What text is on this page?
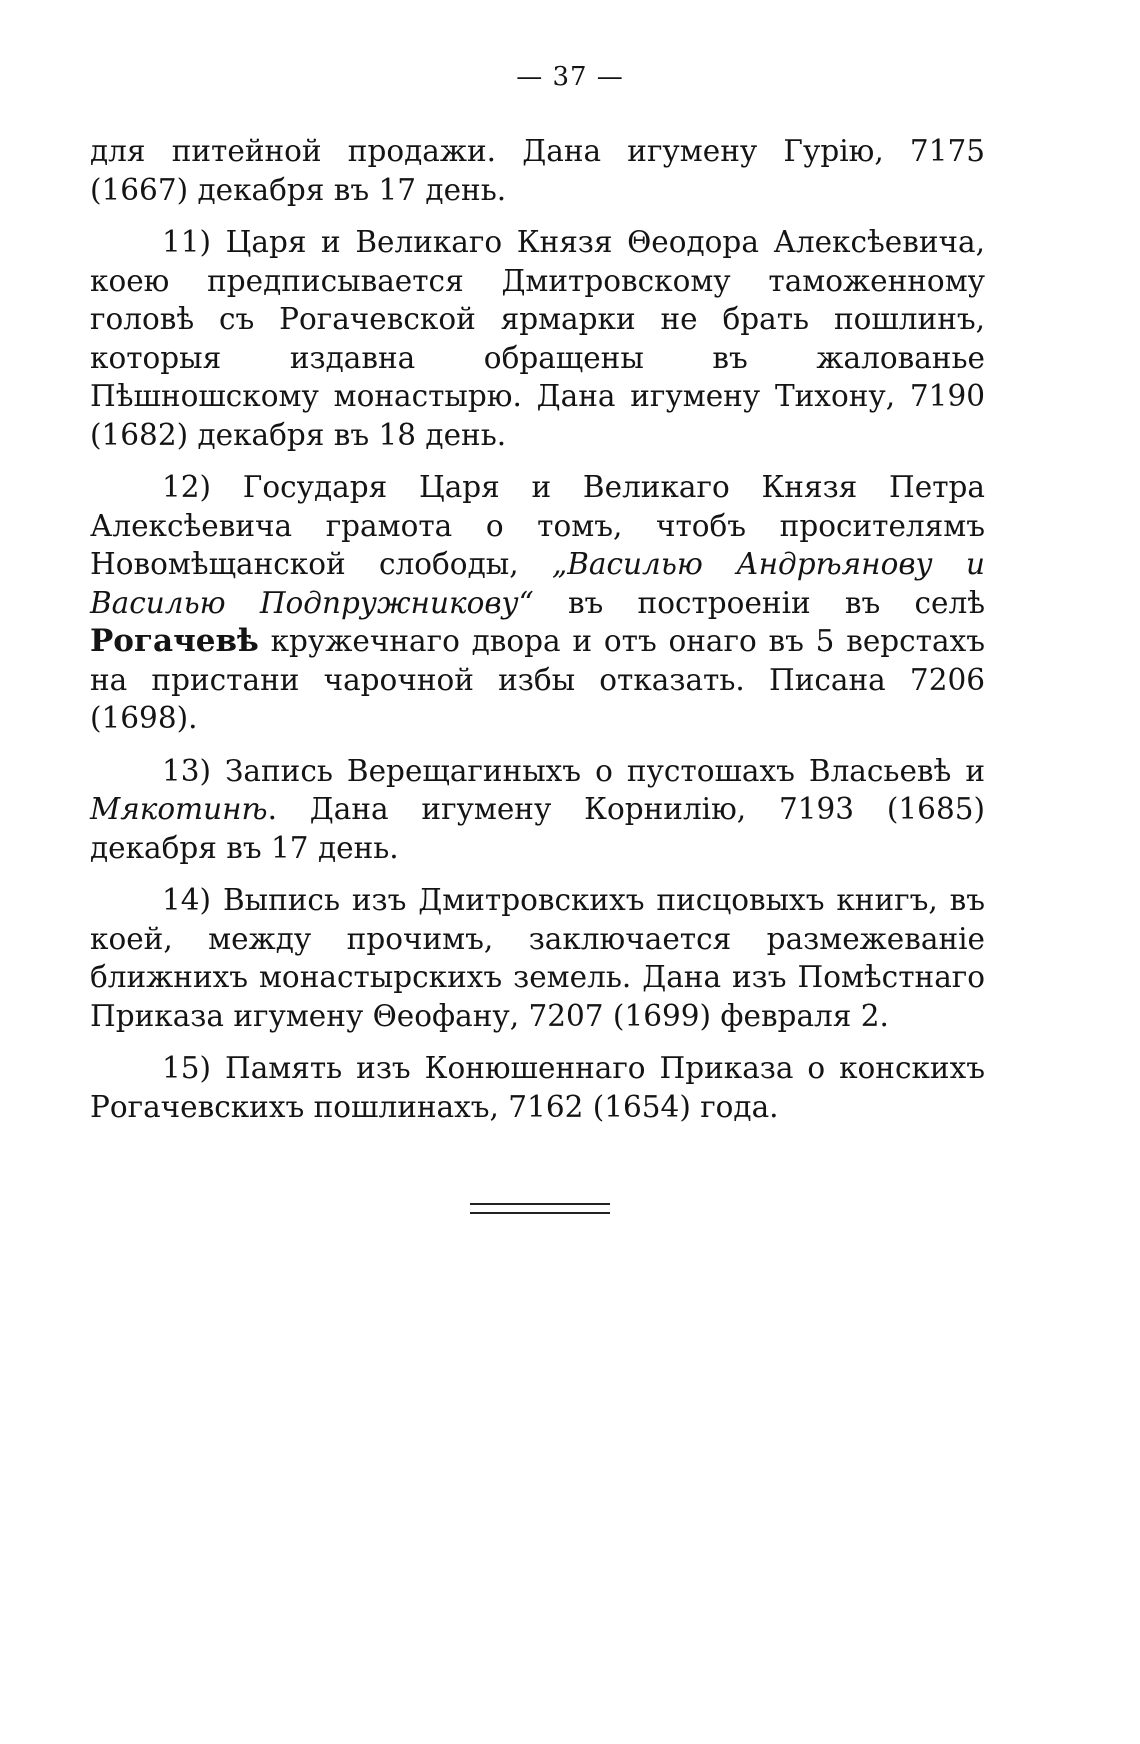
— 37 —

для питейной продажи. Дана игумену Гурію, 7175 (1667) декабря въ 17 день.

11) Царя и Великаго Князя Θеодора Алексѣевича, коею предписывается Дмитровскому таможенному головѣ съ Рогачевской ярмарки не брать пошлинъ, которыя издавна обращены въ жалованье Пѣшношскому монастырю. Дана игумену Тихону, 7190 (1682) декабря въ 18 день.

12) Государя Царя и Великаго Князя Петра Алексѣевича грамота о томъ, чтобъ просителямъ Новомѣщанской слободы, „Василью Андрѣянову и Василью Подпружникову“ въ построеніи въ селѣ Рогачевѣ кружечнаго двора и отъ онаго въ 5 верстахъ на пристани чарочной избы отказать. Писана 7206 (1698).

13) Запись Верещагиныхъ о пустошахъ Власьевѣ и Мякотинѣ. Дана игумену Корнилію, 7193 (1685) декабря въ 17 день.

14) Выпись изъ Дмитровскихъ писцовыхъ книгъ, въ коей, между прочимъ, заключается размежеваніе ближнихъ монастырскихъ земель. Дана изъ Помѣстнаго Приказа игумену Θеофану, 7207 (1699) февраля 2.

15) Память изъ Конюшеннаго Приказа о конскихъ Рогачевскихъ пошлинахъ, 7162 (1654) года.
